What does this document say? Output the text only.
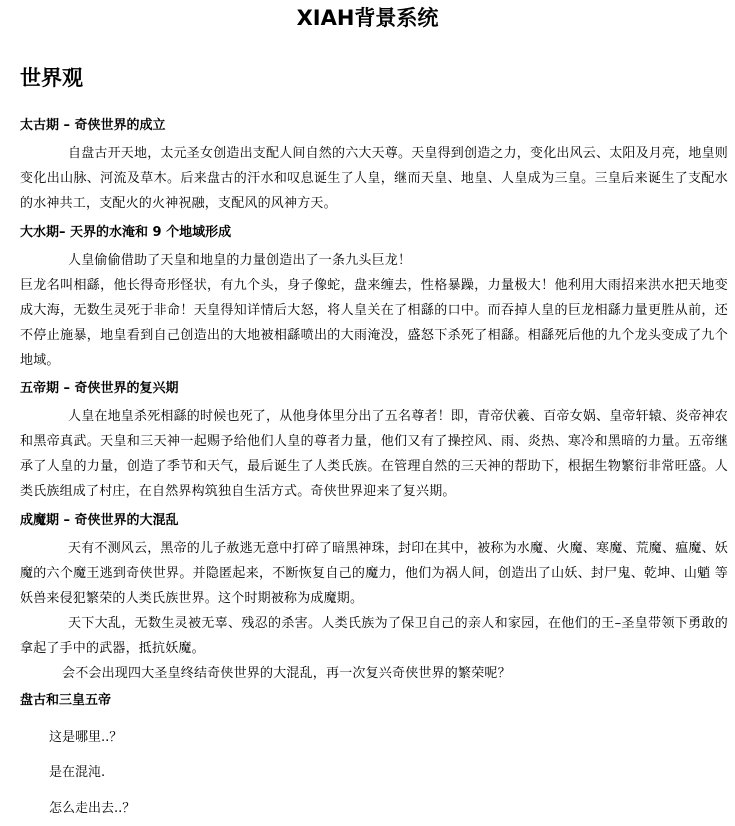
XIAH背景系统
世界观
太古期 – 奇侠世界的成立

自盘古开天地，太元圣女创造出支配人间自然的六大天尊。天皇得到创造之力，变化出风云、太阳及月亮，地皇则变化出山脉、河流及草木。后来盘古的汗水和叹息诞生了人皇，继而天皇、地皇、人皇成为三皇。三皇后来诞生了支配水的水神共工，支配火的火神祝融，支配风的风神方天。

大水期– 天界的水淹和 9 个地域形成

人皇偷偷借助了天皇和地皇的力量创造出了一条九头巨龙！

巨龙名叫相繇，他长得奇形怪状，有九个头，身子像蛇，盘来缠去，性格暴躁，力量极大！他利用大雨招来洪水把天地变成大海，无数生灵死于非命！天皇得知详情后大怒，将人皇关在了相繇的口中。而吞掉人皇的巨龙相繇力量更胜从前，还不停止施暴，地皇看到自己创造出的大地被相繇喷出的大雨淹没，盛怒下杀死了相繇。相繇死后他的九个龙头变成了九个地域。

五帝期 – 奇侠世界的复兴期

人皇在地皇杀死相繇的时候也死了，从他身体里分出了五名尊者！即，青帝伏羲、百帝女娲、皇帝轩辕、炎帝神农和黑帝真武。天皇和三天神一起赐予给他们人皇的尊者力量，他们又有了操控风、雨、炎热、寒冷和黑暗的力量。五帝继承了人皇的力量，创造了季节和天气，最后诞生了人类氏族。在管理自然的三天神的帮助下，根据生物繁衍非常旺盛。人类氏族组成了村庄，在自然界构筑独自生活方式。奇侠世界迎来了复兴期。

成魔期 – 奇侠世界的大混乱

天有不测风云，黑帝的儿子赦逃无意中打碎了暗黑神珠，封印在其中，被称为水魔、火魔、寒魔、荒魔、瘟魔、妖魔的六个魔王逃到奇侠世界。并隐匿起来，不断恢复自己的魔力，他们为祸人间，创造出了山妖、封尸鬼、乾坤、山魈 等妖兽来侵犯繁荣的人类氏族世界。这个时期被称为成魔期。

天下大乱，无数生灵被无辜、残忍的杀害。人类氏族为了保卫自己的亲人和家园，在他们的王–圣皇带领下勇敢的拿起了手中的武器，抵抗妖魔。

会不会出现四大圣皇终结奇侠世界的大混乱，再一次复兴奇侠世界的繁荣呢？

盘古和三皇五帝

这是哪里..？

是在混沌.

怎么走出去..？
